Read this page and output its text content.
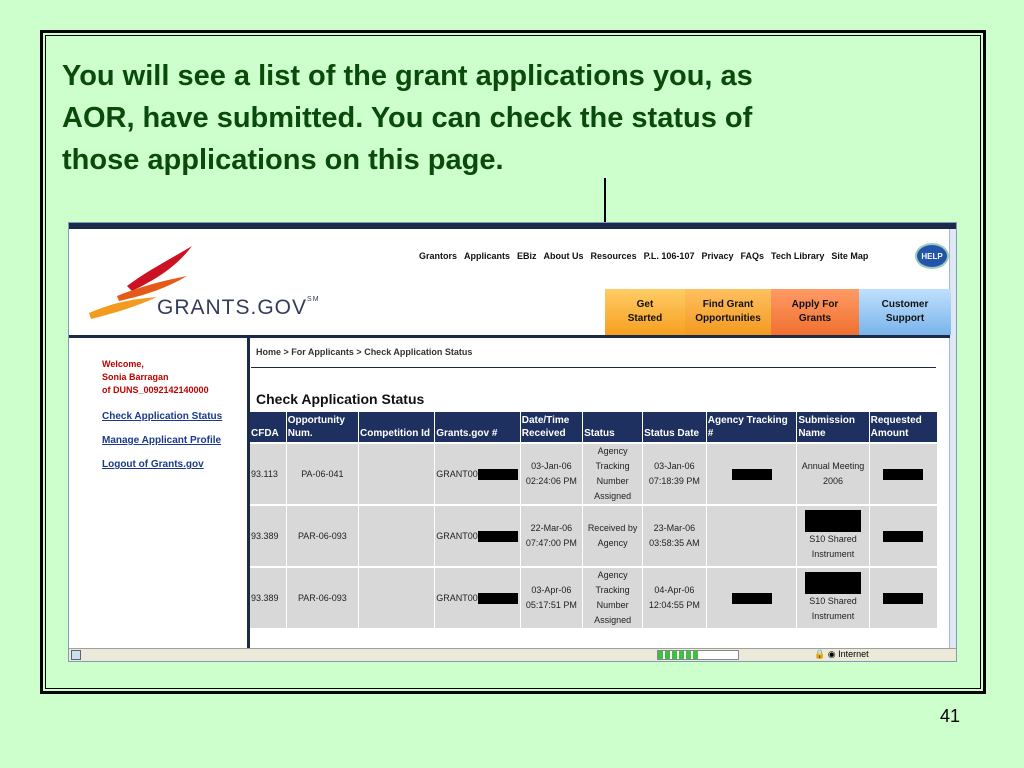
You will see a list of the grant applications you, as
AOR, have submitted. You can check the status of
those applications on this page.

GRANTS.GOV℠
Grantors Applicants EBiz About Us Resources P.L. 106-107 Privacy FAQs Tech Library Site Map	HELP
Get
Started
Find Grant
Opportunities
Apply For
Grants
Customer
Support
Welcome,
Sonia Barragan
of DUNS_0092142140000
Check Application Status
Manage Applicant Profile
Logout of Grants.gov
Home > For Applicants > Check Application Status
Check Application Status
CFDA	Opportunity Num.	Competition Id	Grants.gov #	Date/Time Received	Status	Status Date	Agency Tracking #	Submission Name	Requested Amount
93.113	PA-06-041		GRANT00	03-Jan-06 02:24:06 PM	Agency Tracking Number Assigned	03-Jan-06 07:18:39 PM		Annual Meeting 2006	
93.389	PAR-06-093		GRANT00	22-Mar-06 07:47:00 PM	Received by Agency	23-Mar-06 03:58:35 AM		S10 Shared Instrument	
93.389	PAR-06-093		GRANT00	03-Apr-06 05:17:51 PM	Agency Tracking Number Assigned	04-Apr-06 12:04:55 PM		S10 Shared Instrument	
🔒 ◉ Internet
41
